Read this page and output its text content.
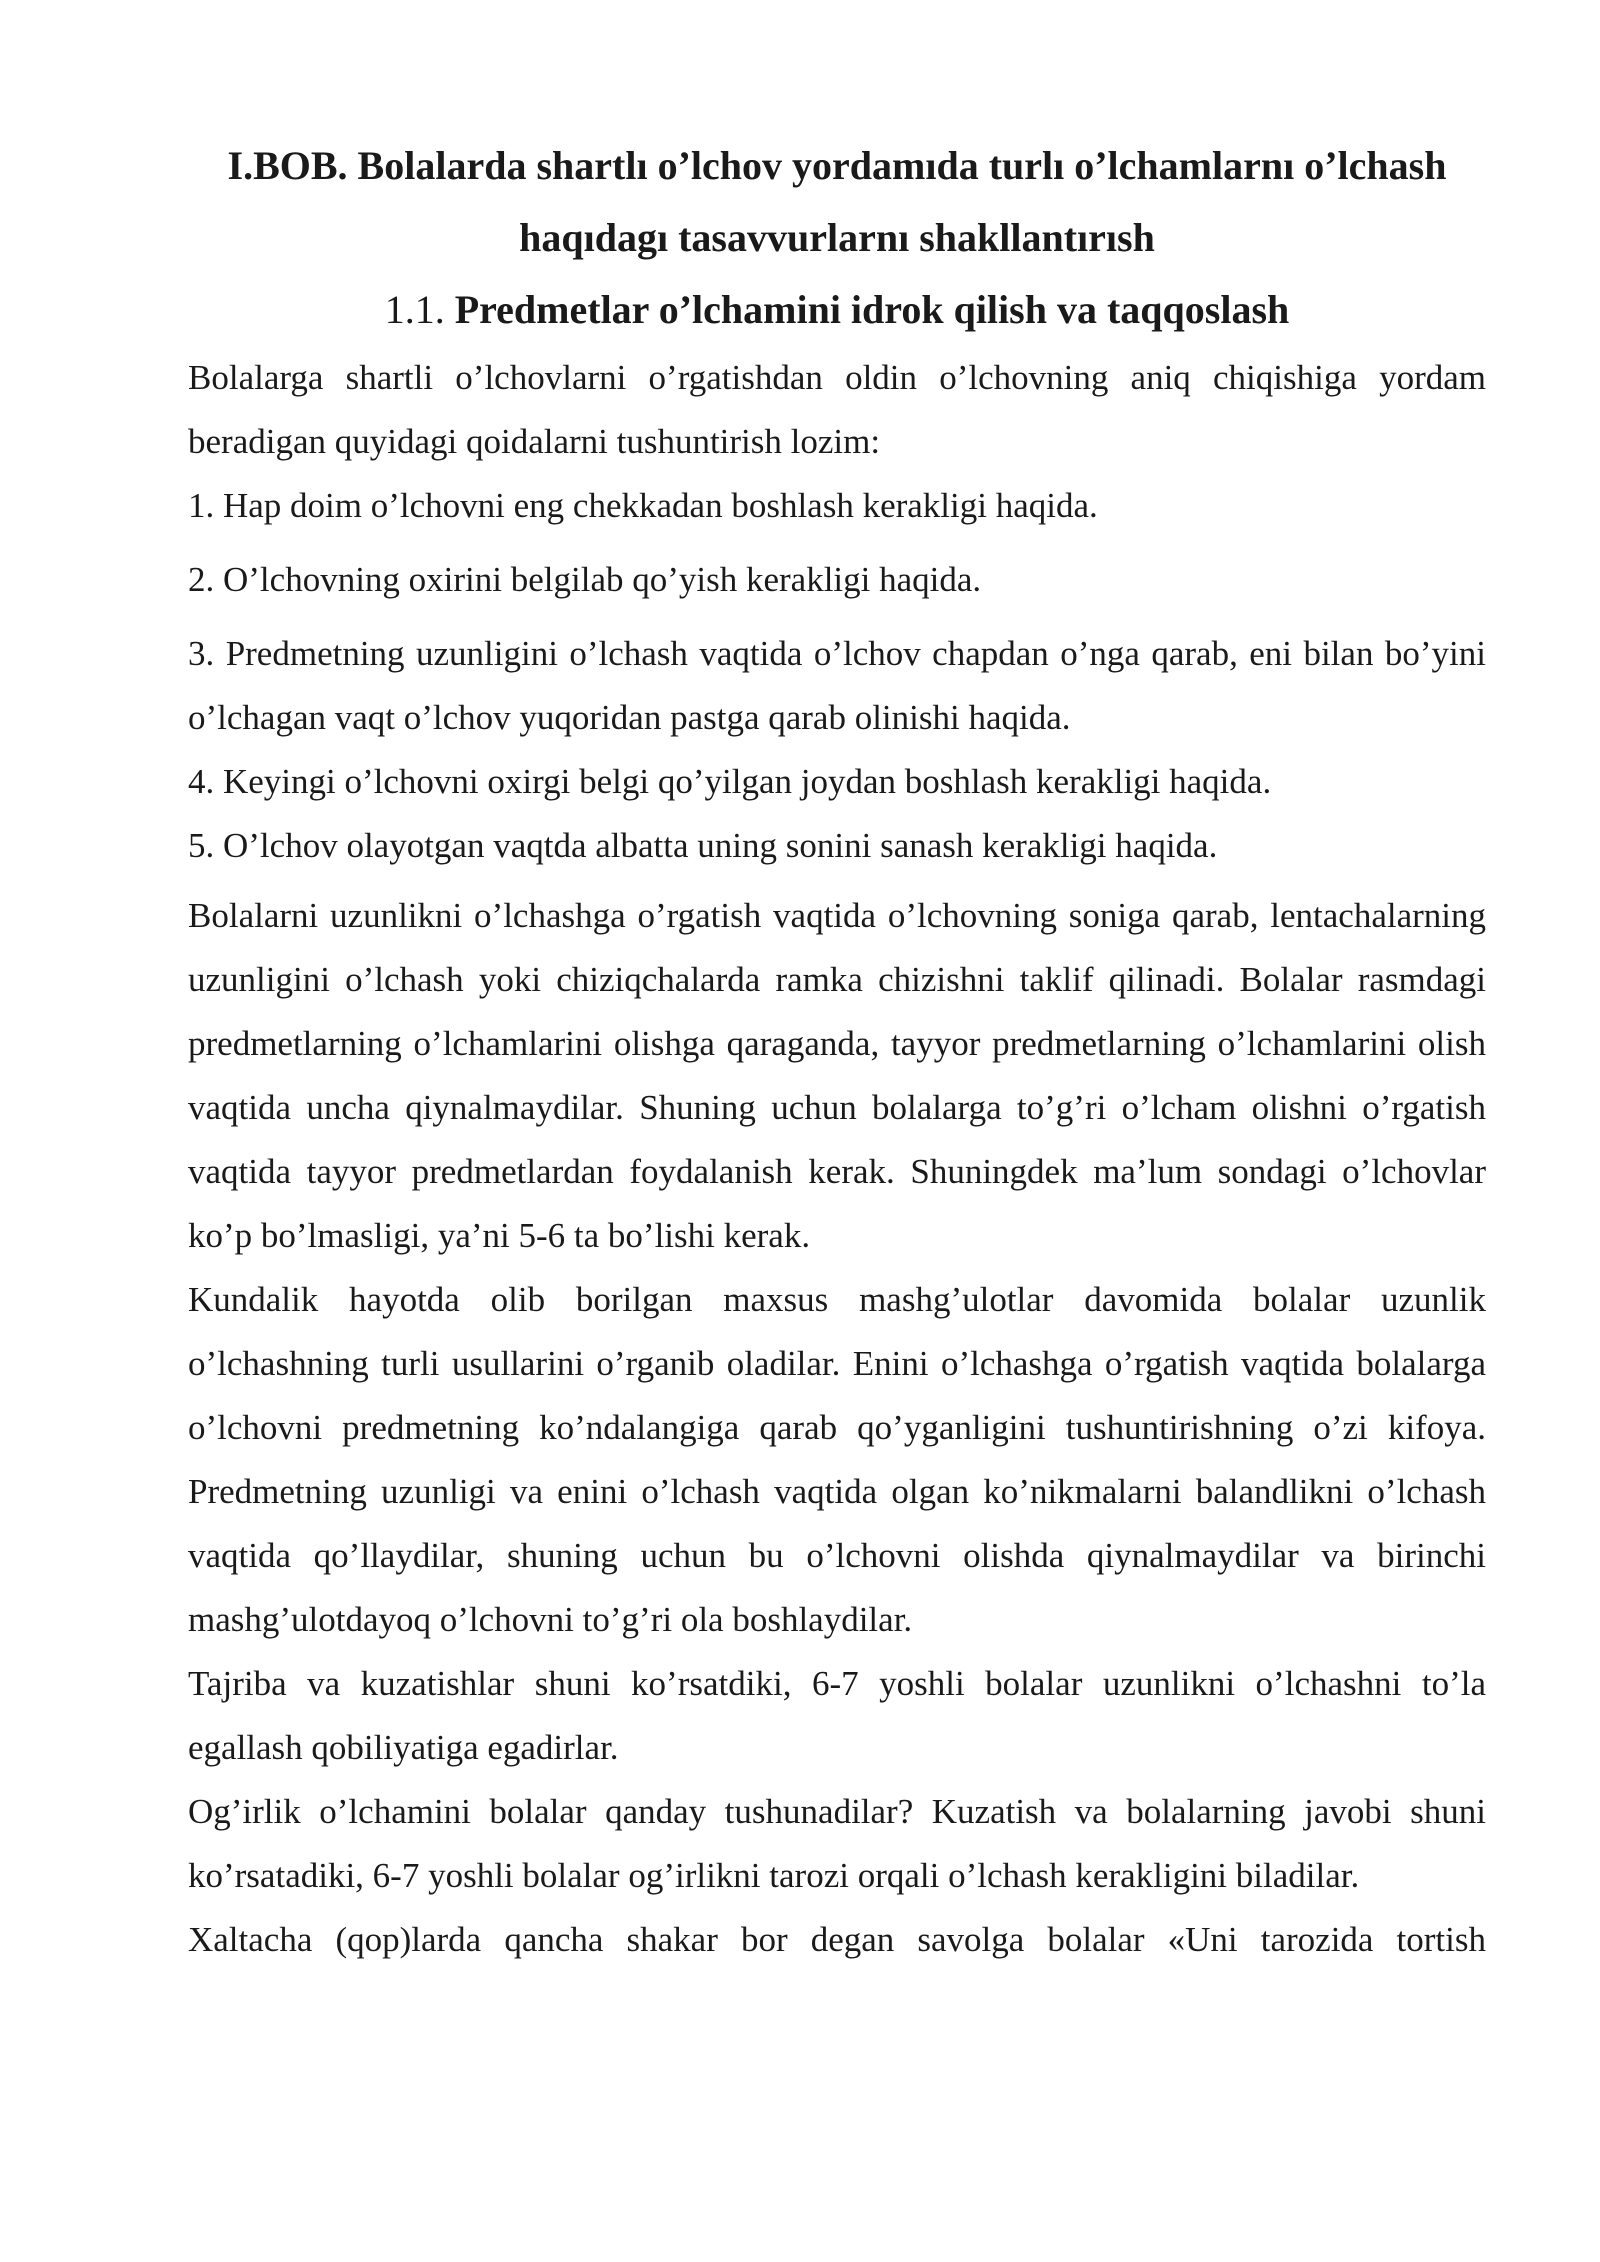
I.BOB. Bolalarda shartlı o’lchov yordamıda turlı o’lchamlarnı o’lchash haqıdagı tasavvurlarnı shakllantırısh
1.1. Predmetlar o’lchamini idrok qilish va taqqoslash

Bolalarga shartli o’lchovlarni o’rgatishdan oldin o’lchovning aniq chiqishiga yordam beradigan quyidagi qoidalarni tushuntirish lozim:

1. Hap doim o’lchovni eng chekkadan boshlash kerakligi haqida.

2. O’lchovning oxirini belgilab qo’yish kerakligi haqida.

3. Predmetning uzunligini o’lchash vaqtida o’lchov chapdan o’nga qarab, eni bilan bo’yini o’lchagan vaqt o’lchov yuqoridan pastga qarab olinishi haqida.

4. Keyingi o’lchovni oxirgi belgi qo’yilgan joydan boshlash kerakligi haqida.

5. O’lchov olayotgan vaqtda albatta uning sonini sanash kerakligi haqida.

Bolalarni uzunlikni o’lchashga o’rgatish vaqtida o’lchovning soniga qarab, lentachalarning uzunligini o’lchash yoki chiziqchalarda ramka chizishni taklif qilinadi. Bolalar rasmdagi predmetlarning o’lchamlarini olishga qaraganda, tayyor predmetlarning o’lchamlarini olish vaqtida uncha qiynalmaydilar. Shuning uchun bolalarga to’g’ri o’lcham olishni o’rgatish vaqtida tayyor predmetlardan foydalanish kerak. Shuningdek ma’lum sondagi o’lchovlar ko’p bo’lmasligi, ya’ni 5-6 ta bo’lishi kerak.

Kundalik hayotda olib borilgan maxsus mashg’ulotlar davomida bolalar uzunlik o’lchashning turli usullarini o’rganib oladilar. Enini o’lchashga o’rgatish vaqtida bolalarga o’lchovni predmetning ko’ndalangiga qarab qo’yganligini tushuntirishning o’zi kifoya. Predmetning uzunligi va enini o’lchash vaqtida olgan ko’nikmalarni balandlikni o’lchash vaqtida qo’llaydilar, shuning uchun bu o’lchovni olishda qiynalmaydilar va birinchi mashg’ulotdayoq o’lchovni to’g’ri ola boshlaydilar.

Tajriba va kuzatishlar shuni ko’rsatdiki, 6-7 yoshli bolalar uzunlikni o’lchashni to’la egallash qobiliyatiga egadirlar.

Og’irlik o’lchamini bolalar qanday tushunadilar? Kuzatish va bolalarning javobi shuni ko’rsatadiki, 6-7 yoshli bolalar og’irlikni tarozi orqali o’lchash kerakligini biladilar.

Xaltacha (qop)larda qancha shakar bor degan savolga bolalar «Uni tarozida tortish
